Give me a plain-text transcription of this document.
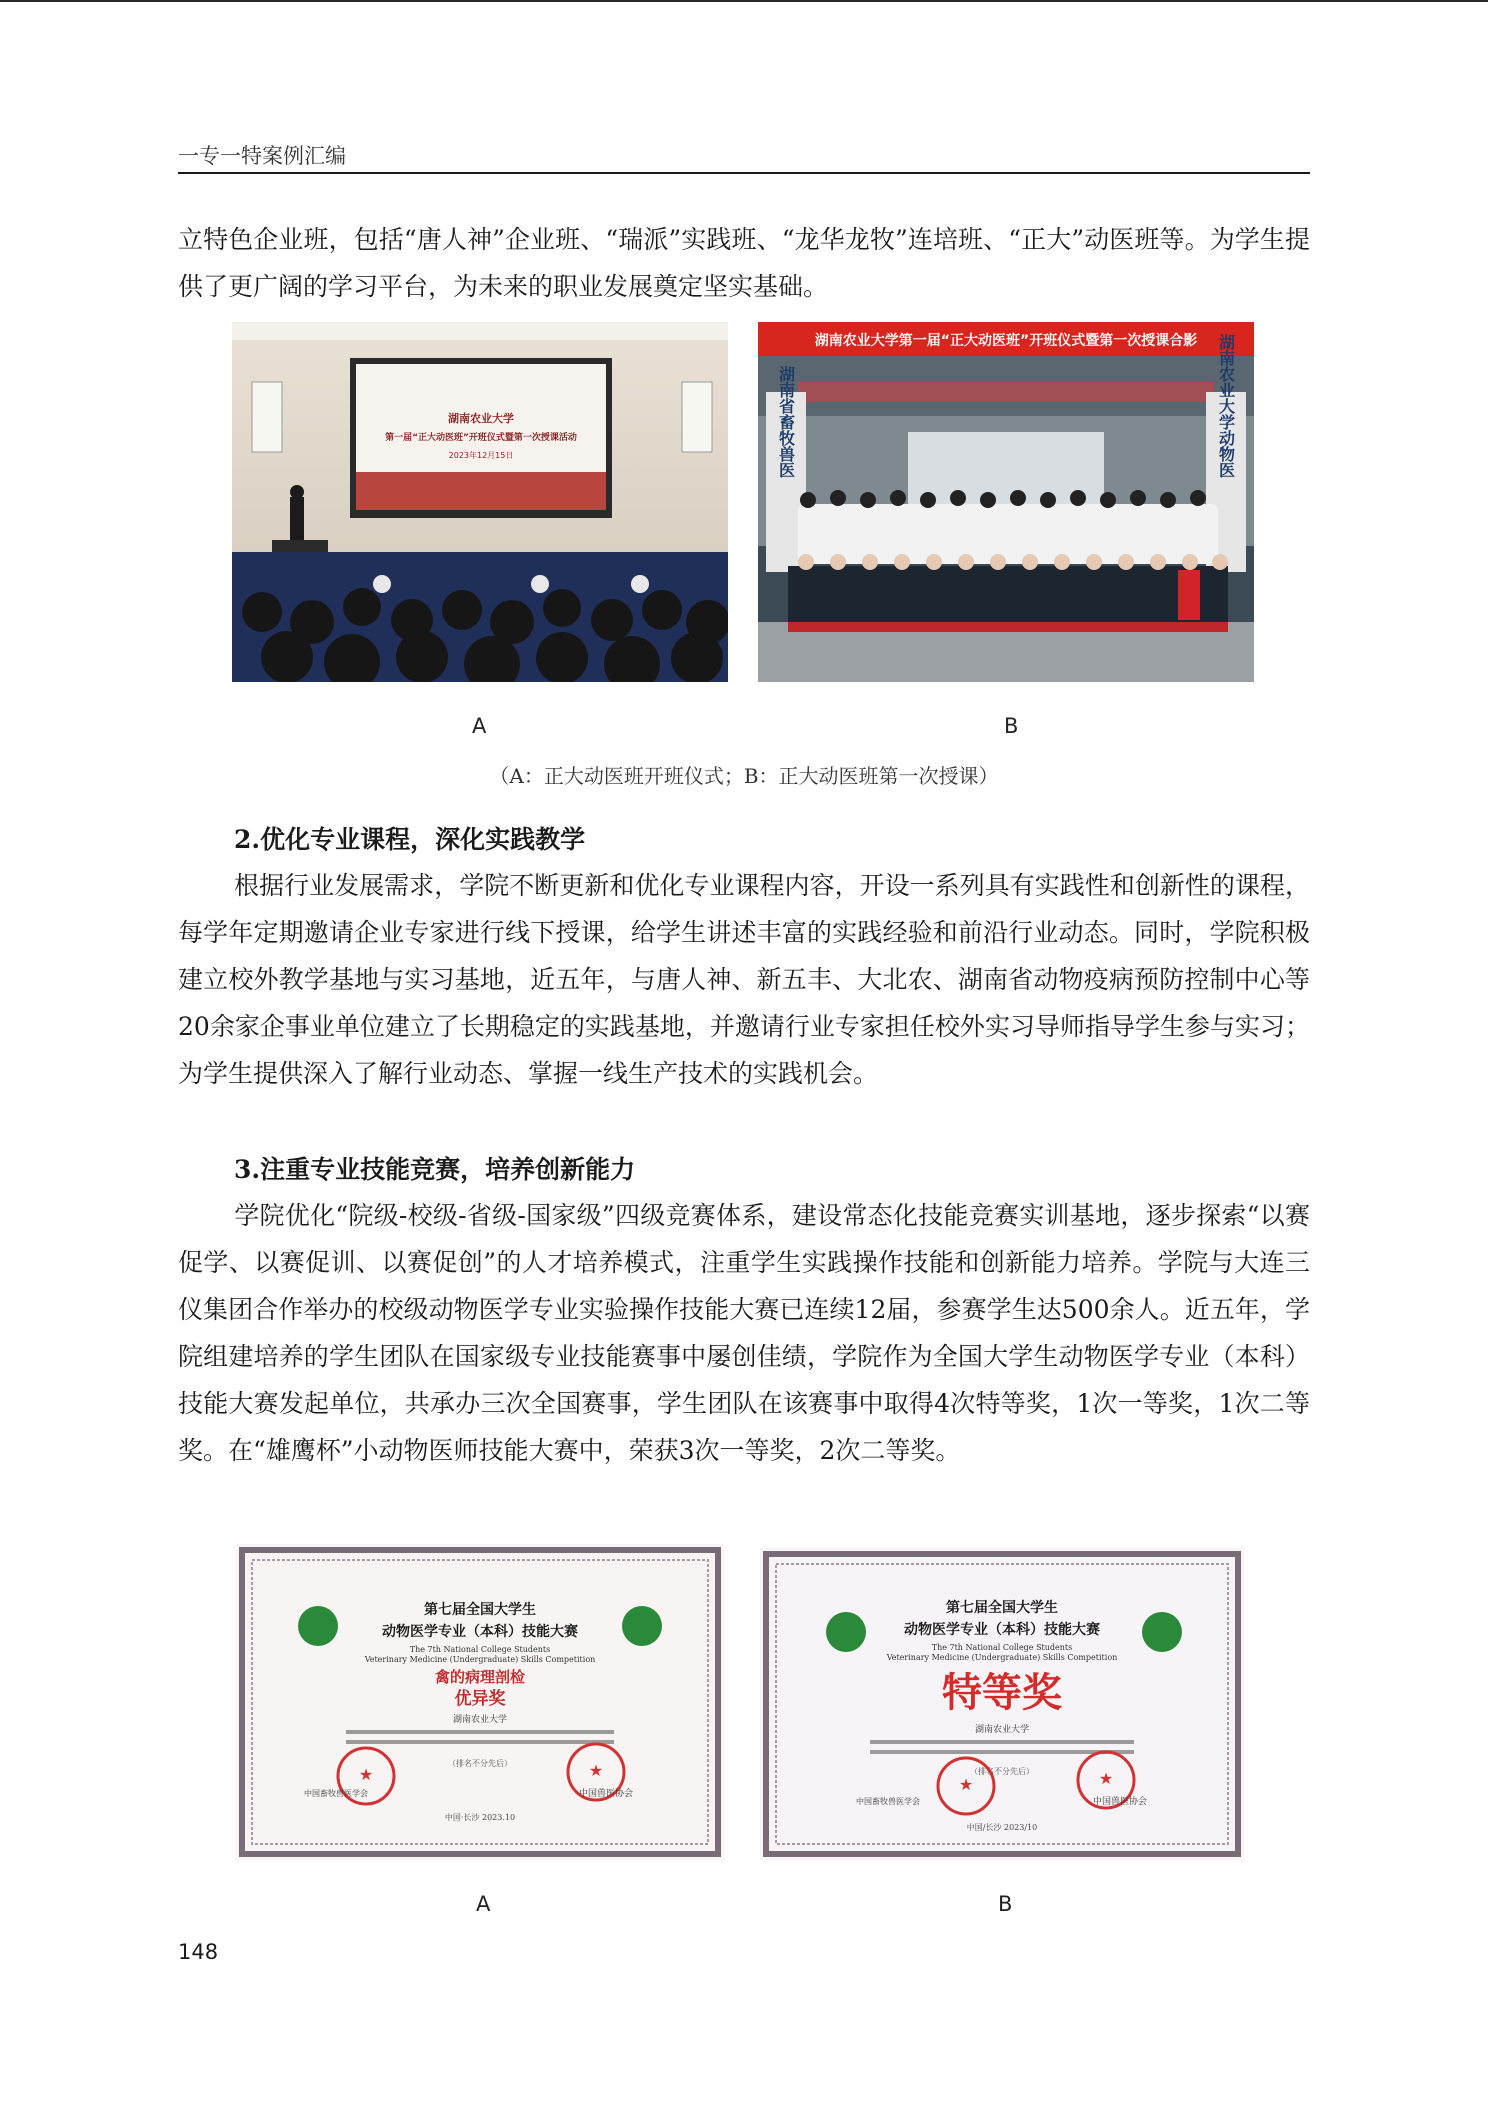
一专一特案例汇编

立特色企业班，包括“唐人神”企业班、“瑞派”实践班、“龙华龙牧”连培班、“正大”动医班等。为学生提供了更广阔的学习平台，为未来的职业发展奠定坚实基础。

湖南农业大学
第一届“正大动医班”开班仪式暨第一次授课活动
2023年12月15日
湖南农业大学第一届“正大动医班”开班仪式暨第一次授课合影
湖南省畜牧兽医	湖南农业大学动物医
A	B
（A：正大动医班开班仪式；B：正大动医班第一次授课）

2.优化专业课程，深化实践教学

根据行业发展需求，学院不断更新和优化专业课程内容，开设一系列具有实践性和创新性的课程，每学年定期邀请企业专家进行线下授课，给学生讲述丰富的实践经验和前沿行业动态。同时，学院积极建立校外教学基地与实习基地，近五年，与唐人神、新五丰、大北农、湖南省动物疫病预防控制中心等20余家企事业单位建立了长期稳定的实践基地，并邀请行业专家担任校外实习导师指导学生参与实习；为学生提供深入了解行业动态、掌握一线生产技术的实践机会。

3.注重专业技能竞赛，培养创新能力

学院优化“院级-校级-省级-国家级”四级竞赛体系，建设常态化技能竞赛实训基地，逐步探索“以赛促学、以赛促训、以赛促创”的人才培养模式，注重学生实践操作技能和创新能力培养。学院与大连三仪集团合作举办的校级动物医学专业实验操作技能大赛已连续12届，参赛学生达500余人。近五年，学院组建培养的学生团队在国家级专业技能赛事中屡创佳绩，学院作为全国大学生动物医学专业（本科）技能大赛发起单位，共承办三次全国赛事，学生团队在该赛事中取得4次特等奖，1次一等奖，1次二等奖。在“雄鹰杯”小动物医师技能大赛中，荣获3次一等奖，2次二等奖。

第七届全国大学生
动物医学专业（本科）技能大赛
The 7th National College Students
Veterinary Medicine (Undergraduate) Skills Competition
禽的病理剖检
优异奖
湖南农业大学
（排名不分先后）
★	★
中国畜牧兽医学会	中国兽医协会
中国·长沙 2023.10
第七届全国大学生
动物医学专业（本科）技能大赛
The 7th National College Students
Veterinary Medicine (Undergraduate) Skills Competition
特等奖
湖南农业大学
（排名不分先后）
★	★
中国畜牧兽医学会	中国兽医协会
中国/长沙 2023/10
A	B
148
